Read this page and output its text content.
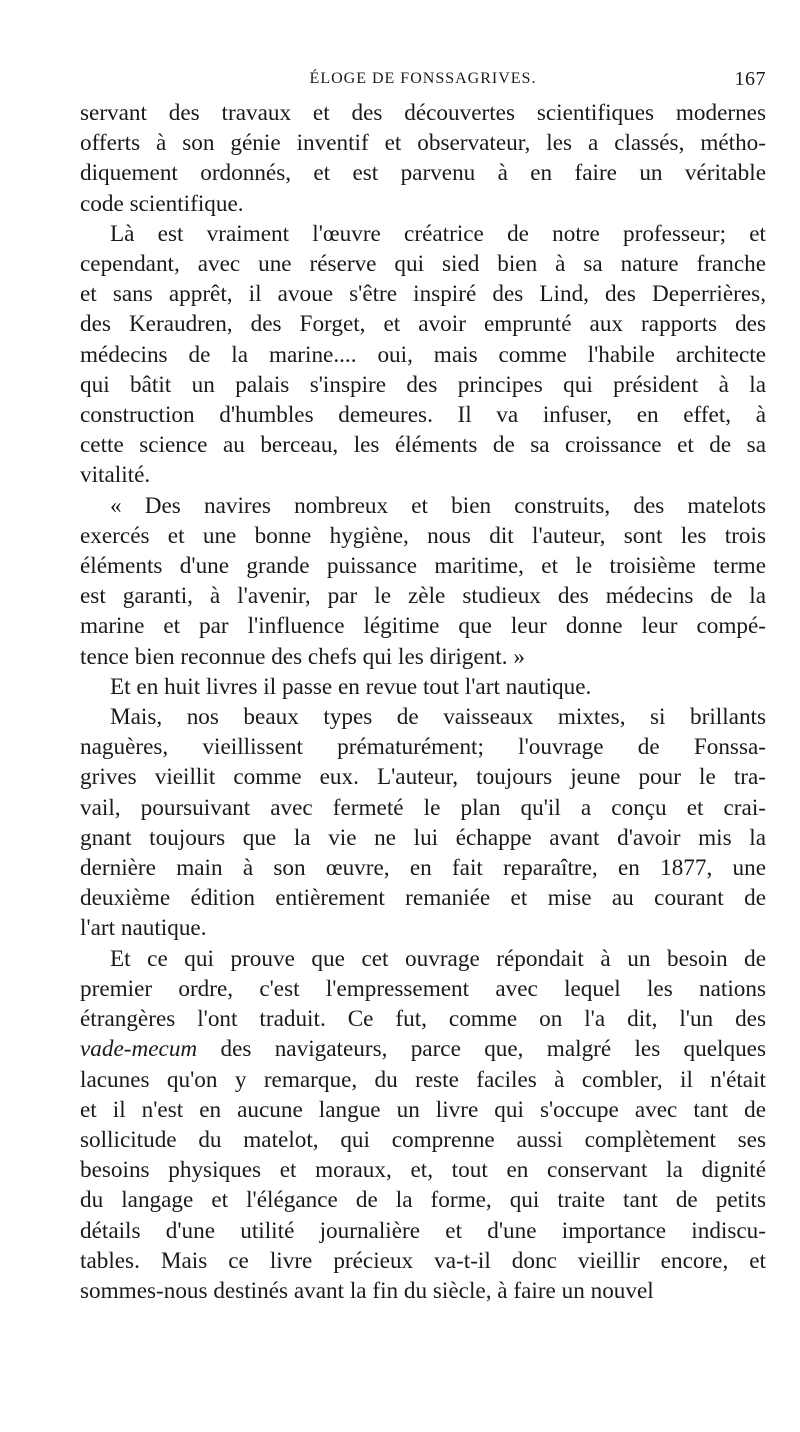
ÉLOGE DE FONSSAGRIVES.	167
servant des travaux et des découvertes scientifiques modernes
offerts à son génie inventif et observateur, les a classés, métho-
diquement ordonnés, et est parvenu à en faire un véritable
code scientifique.
Là est vraiment l'œuvre créatrice de notre professeur; et
cependant, avec une réserve qui sied bien à sa nature franche
et sans apprêt, il avoue s'être inspiré des Lind, des Deperrières,
des Keraudren, des Forget, et avoir emprunté aux rapports des
médecins de la marine.... oui, mais comme l'habile architecte
qui bâtit un palais s'inspire des principes qui président à la
construction d'humbles demeures. Il va infuser, en effet, à
cette science au berceau, les éléments de sa croissance et de sa
vitalité.
« Des navires nombreux et bien construits, des matelots
exercés et une bonne hygiène, nous dit l'auteur, sont les trois
éléments d'une grande puissance maritime, et le troisième terme
est garanti, à l'avenir, par le zèle studieux des médecins de la
marine et par l'influence légitime que leur donne leur compé-
tence bien reconnue des chefs qui les dirigent. »
Et en huit livres il passe en revue tout l'art nautique.
Mais, nos beaux types de vaisseaux mixtes, si brillants
naguères, vieillissent prématurément; l'ouvrage de Fonssa-
grives vieillit comme eux. L'auteur, toujours jeune pour le tra-
vail, poursuivant avec fermeté le plan qu'il a conçu et crai-
gnant toujours que la vie ne lui échappe avant d'avoir mis la
dernière main à son œuvre, en fait reparaître, en 1877, une
deuxième édition entièrement remaniée et mise au courant de
l'art nautique.
Et ce qui prouve que cet ouvrage répondait à un besoin de
premier ordre, c'est l'empressement avec lequel les nations
étrangères l'ont traduit. Ce fut, comme on l'a dit, l'un des
vade-mecum des navigateurs, parce que, malgré les quelques
lacunes qu'on y remarque, du reste faciles à combler, il n'était
et il n'est en aucune langue un livre qui s'occupe avec tant de
sollicitude du matelot, qui comprenne aussi complètement ses
besoins physiques et moraux, et, tout en conservant la dignité
du langage et l'élégance de la forme, qui traite tant de petits
détails d'une utilité journalière et d'une importance indiscu-
tables. Mais ce livre précieux va-t-il donc vieillir encore, et
sommes-nous destinés avant la fin du siècle, à faire un nouvel
